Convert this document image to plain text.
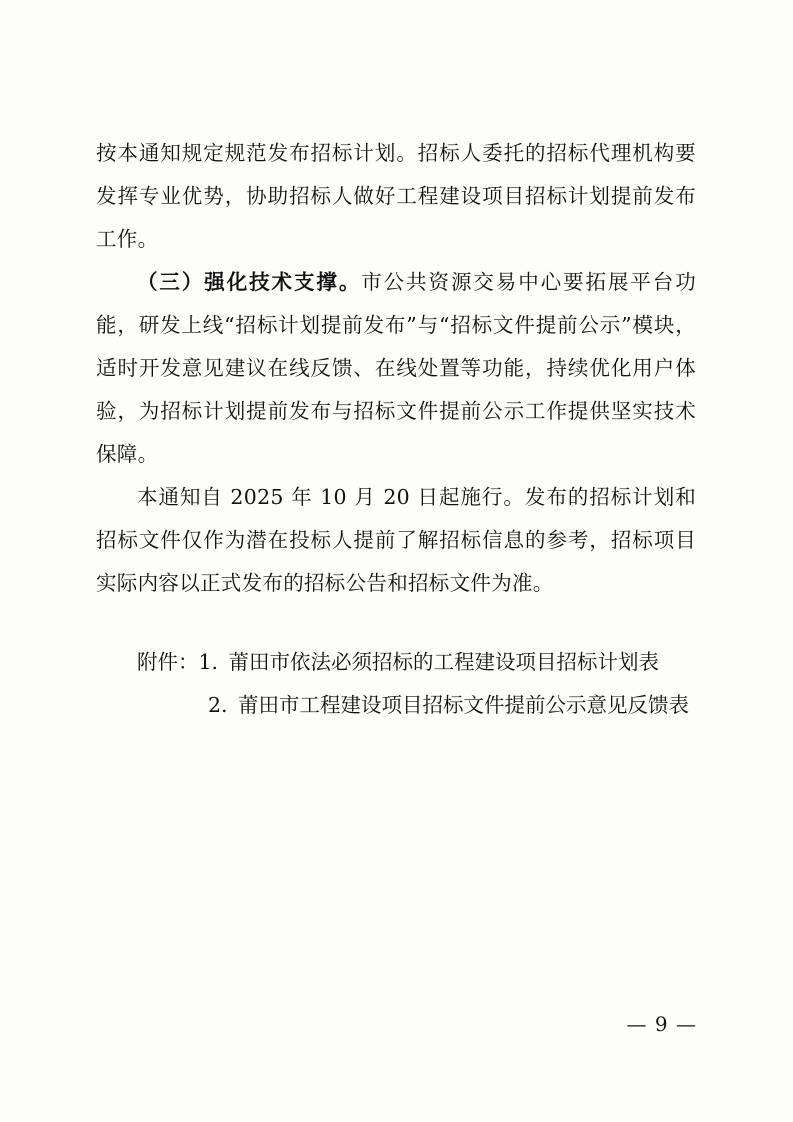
按本通知规定规范发布招标计划。招标人委托的招标代理机构要发挥专业优势，协助招标人做好工程建设项目招标计划提前发布工作。

（三）强化技术支撑。市公共资源交易中心要拓展平台功能，研发上线“招标计划提前发布”与“招标文件提前公示”模块，适时开发意见建议在线反馈、在线处置等功能，持续优化用户体验，为招标计划提前发布与招标文件提前公示工作提供坚实技术保障。

本通知自 2025 年 10 月 20 日起施行。发布的招标计划和招标文件仅作为潜在投标人提前了解招标信息的参考，招标项目实际内容以正式发布的招标公告和招标文件为准。

附件： 1. 莆田市依法必须招标的工程建设项目招标计划表
2. 莆田市工程建设项目招标文件提前公示意见反馈表
— 9 —
